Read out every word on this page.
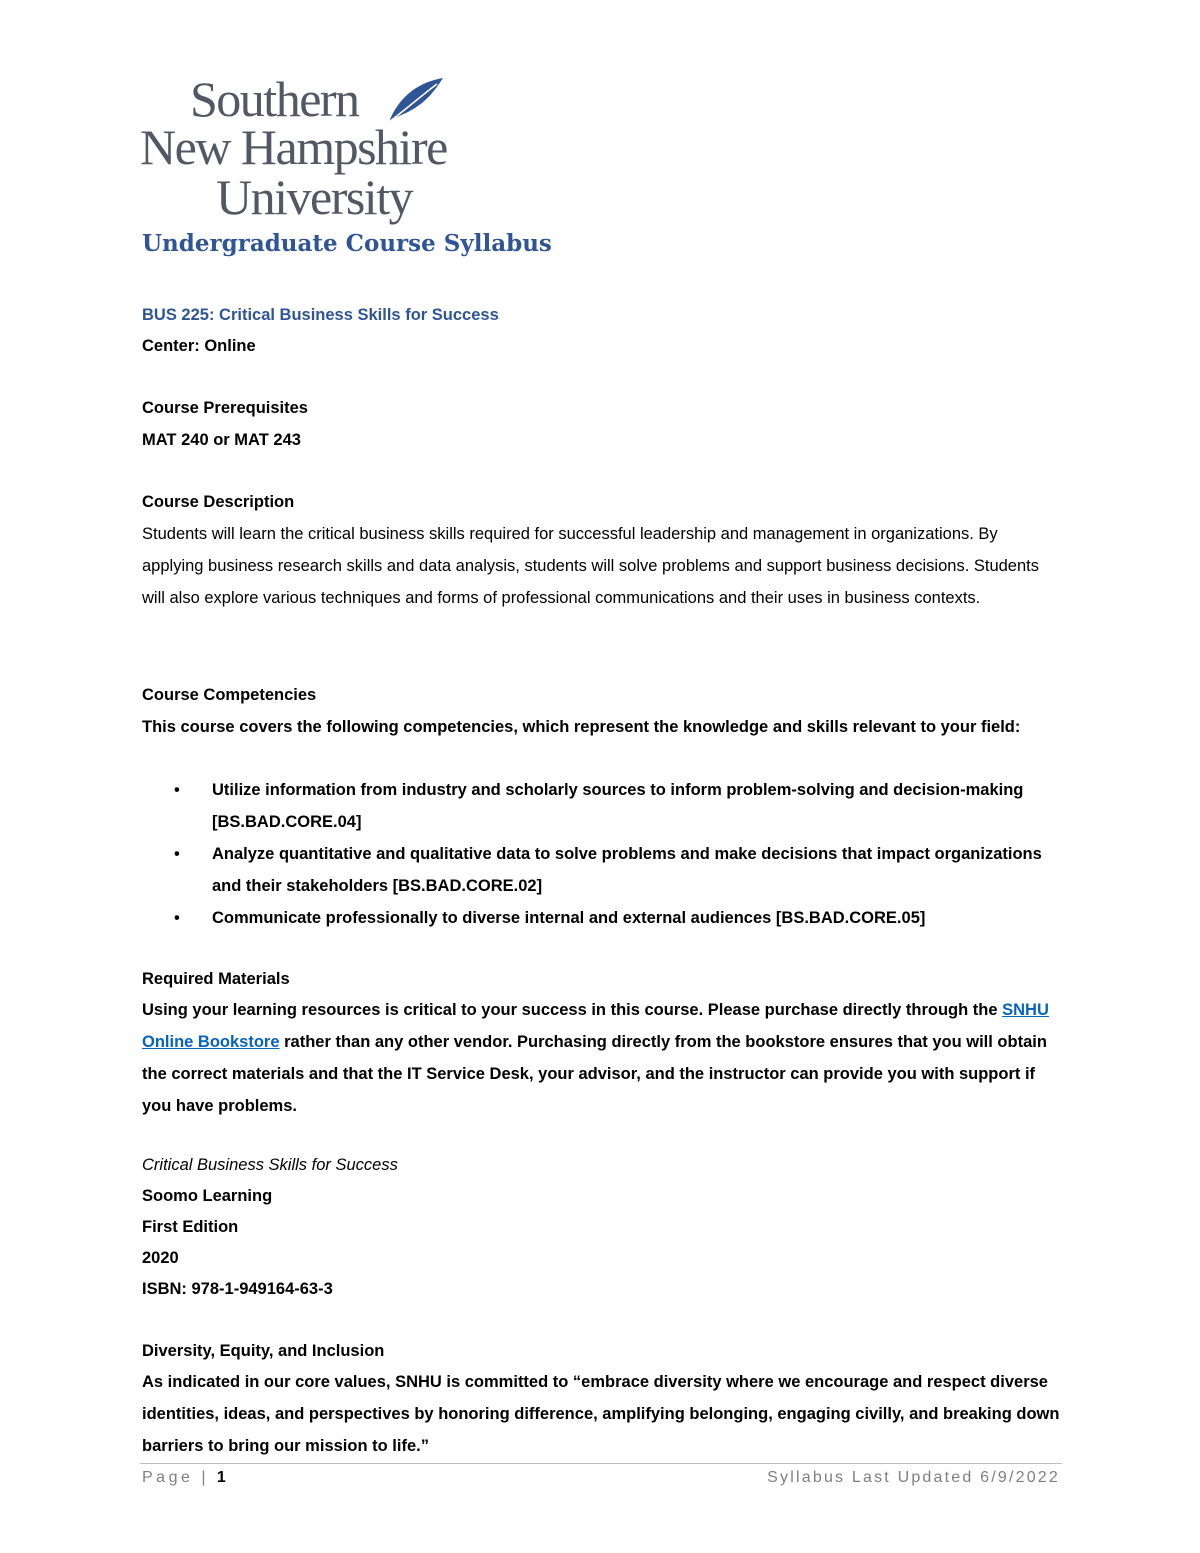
Southern
New Hampshire
University
Undergraduate Course Syllabus

BUS 225: Critical Business Skills for Success

Center: Online

Course Prerequisites

MAT 240 or MAT 243

Course Description

Students will learn the critical business skills required for successful leadership and management in organizations. By applying business research skills and data analysis, students will solve problems and support business decisions. Students will also explore various techniques and forms of professional communications and their uses in business contexts.

Course Competencies

This course covers the following competencies, which represent the knowledge and skills relevant to your field:

• Utilize information from industry and scholarly sources to inform problem-solving and decision-making [BS.BAD.CORE.04]
• Analyze quantitative and qualitative data to solve problems and make decisions that impact organizations and their stakeholders [BS.BAD.CORE.02]
• Communicate professionally to diverse internal and external audiences [BS.BAD.CORE.05]

Required Materials

Using your learning resources is critical to your success in this course. Please purchase directly through the SNHU Online Bookstore rather than any other vendor. Purchasing directly from the bookstore ensures that you will obtain the correct materials and that the IT Service Desk, your advisor, and the instructor can provide you with support if you have problems.

Critical Business Skills for Success

Soomo Learning

First Edition

2020

ISBN: 978-1-949164-63-3

Diversity, Equity, and Inclusion

As indicated in our core values, SNHU is committed to “embrace diversity where we encourage and respect diverse identities, ideas, and perspectives by honoring difference, amplifying belonging, engaging civilly, and breaking down barriers to bring our mission to life.”

Page | 1	Syllabus Last Updated 6/9/2022
